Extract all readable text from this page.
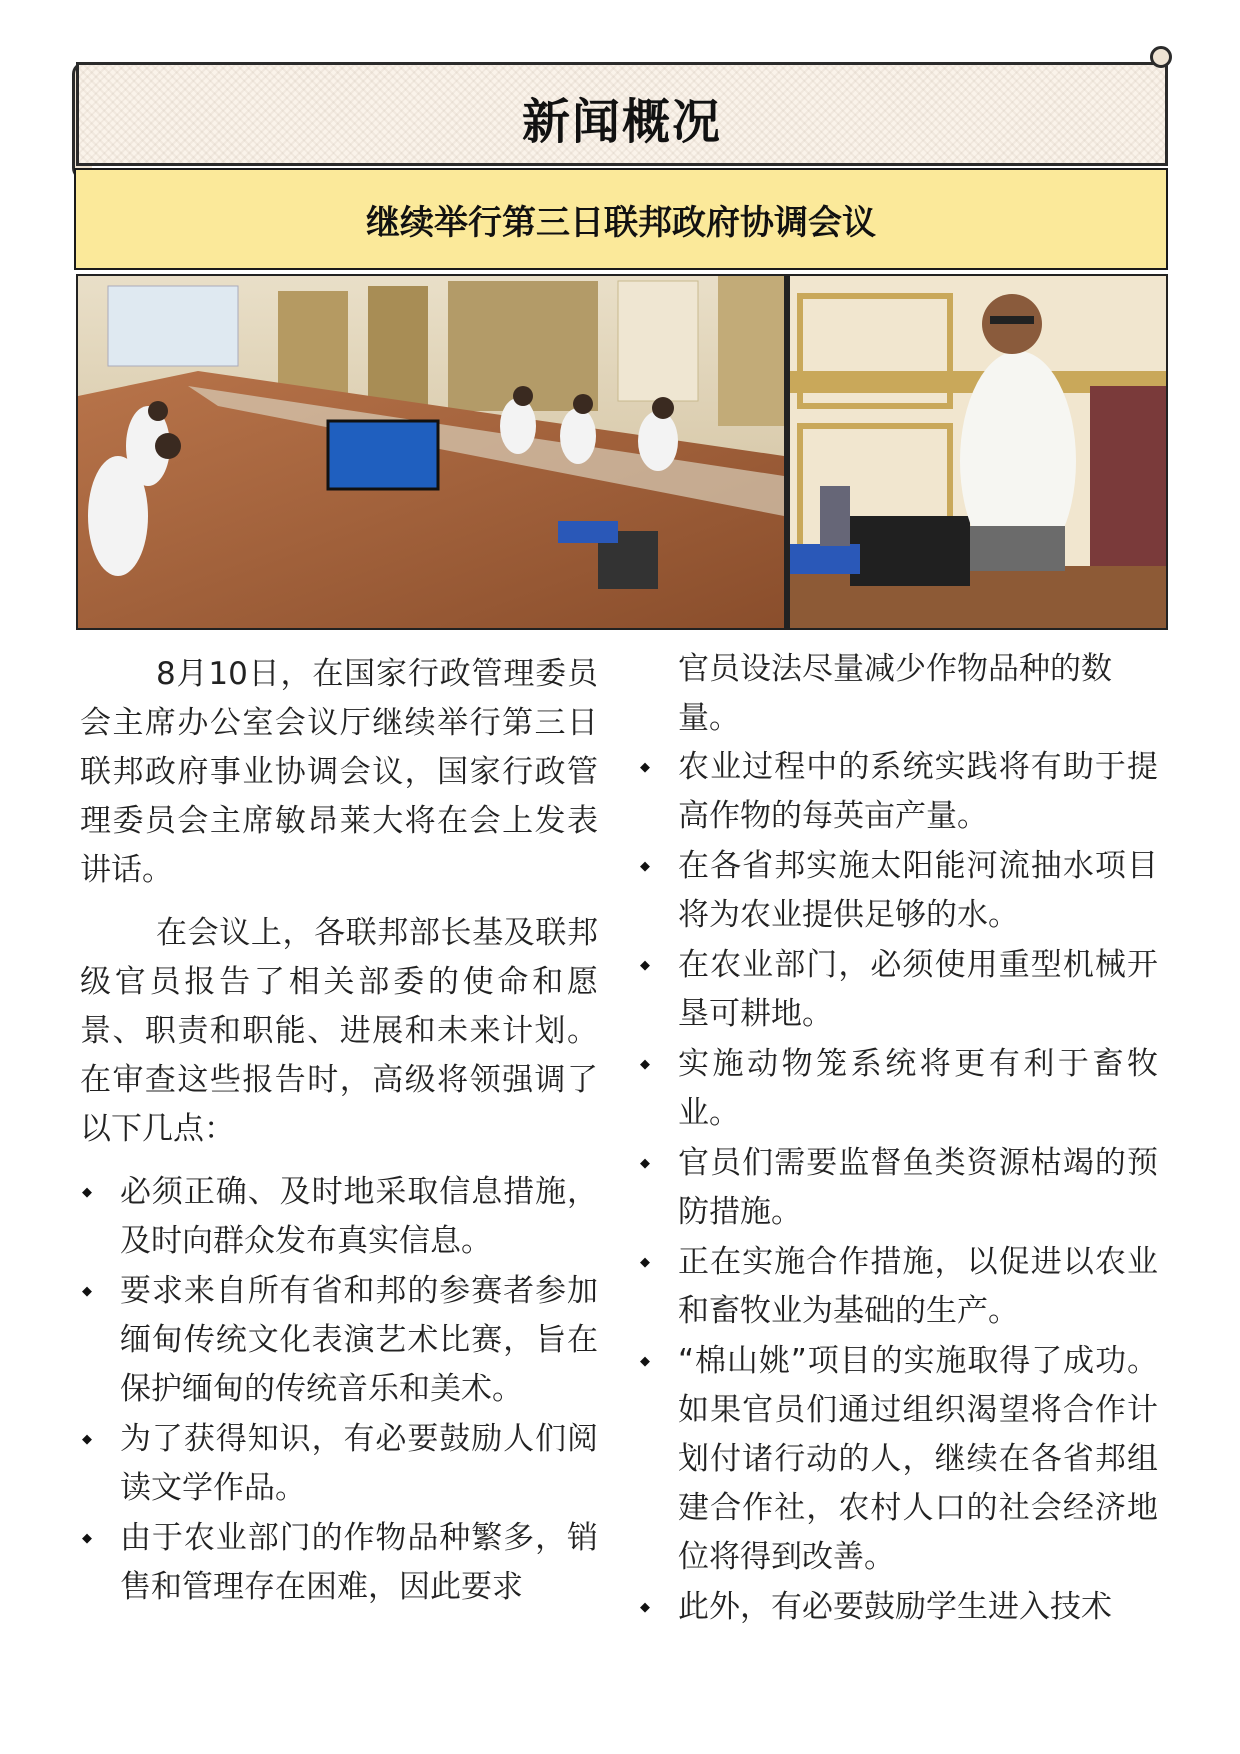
新闻概况
继续举行第三日联邦政府协调会议

8月10日，在国家行政管理委员会主席办公室会议厅继续举行第三日联邦政府事业协调会议，国家行政管理委员会主席敏昂莱大将在会上发表讲话。

在会议上，各联邦部长基及联邦级官员报告了相关部委的使命和愿景、职责和职能、进展和未来计划。在审查这些报告时，高级将领强调了以下几点：

◆ 必须正确、及时地采取信息措施，及时向群众发布真实信息。
◆ 要求来自所有省和邦的参赛者参加缅甸传统文化表演艺术比赛，旨在保护缅甸的传统音乐和美术。
◆ 为了获得知识，有必要鼓励人们阅读文学作品。
◆ 由于农业部门的作物品种繁多，销售和管理存在困难，因此要求
官员设法尽量减少作物品种的数量。
◆ 农业过程中的系统实践将有助于提高作物的每英亩产量。
◆ 在各省邦实施太阳能河流抽水项目将为农业提供足够的水。
◆ 在农业部门，必须使用重型机械开垦可耕地。
◆ 实施动物笼系统将更有利于畜牧业。
◆ 官员们需要监督鱼类资源枯竭的预防措施。
◆ 正在实施合作措施，以促进以农业和畜牧业为基础的生产。
◆ “棉山姚”项目的实施取得了成功。如果官员们通过组织渴望将合作计划付诸行动的人，继续在各省邦组建合作社，农村人口的社会经济地位将得到改善。
◆ 此外，有必要鼓励学生进入技术
